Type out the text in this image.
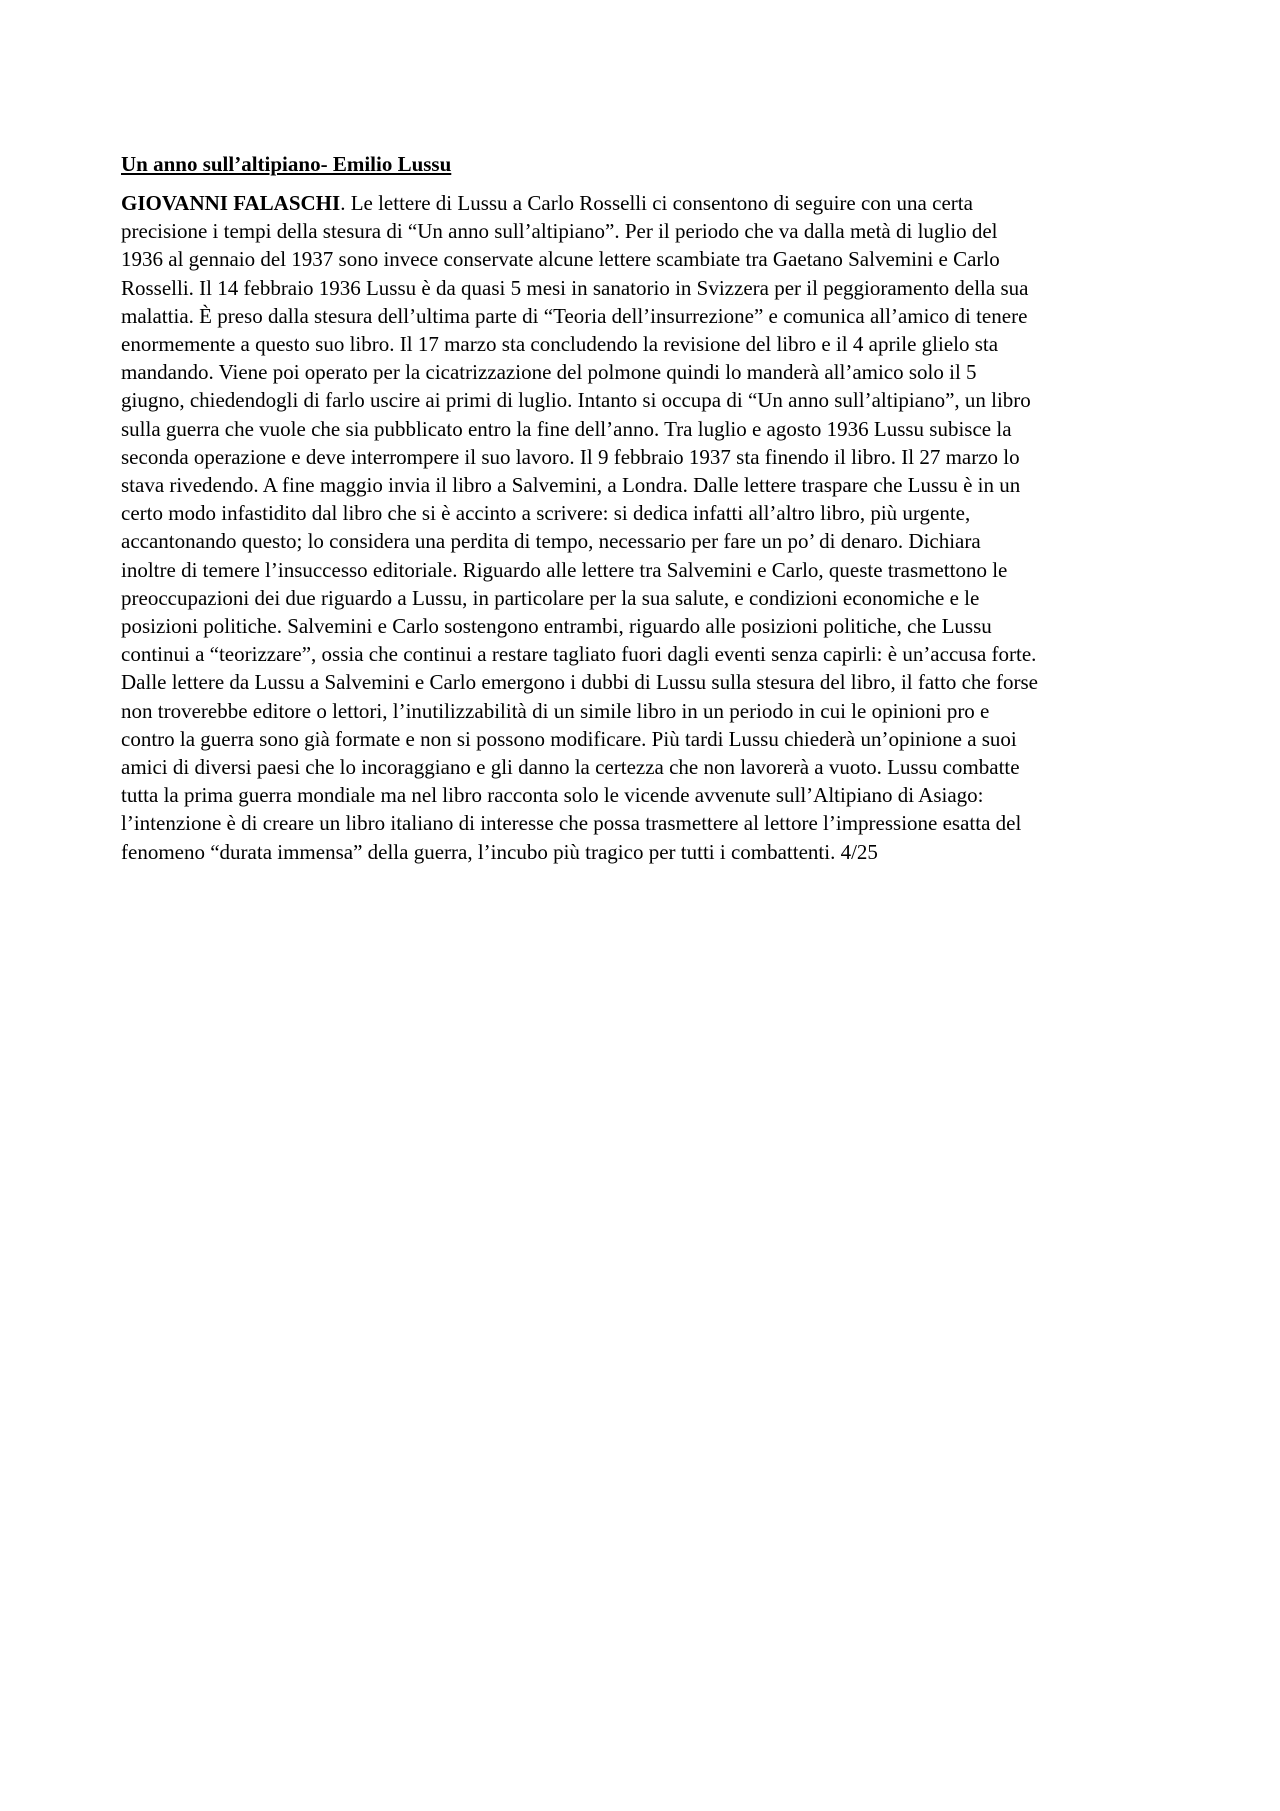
Un anno sull’altipiano- Emilio Lussu
GIOVANNI FALASCHI. Le lettere di Lussu a Carlo Rosselli ci consentono di seguire con una certa
precisione i tempi della stesura di “Un anno sull’altipiano”. Per il periodo che va dalla metà di luglio del
1936 al gennaio del 1937 sono invece conservate alcune lettere scambiate tra Gaetano Salvemini e Carlo
Rosselli. Il 14 febbraio 1936 Lussu è da quasi 5 mesi in sanatorio in Svizzera per il peggioramento della sua
malattia. È preso dalla stesura dell’ultima parte di “Teoria dell’insurrezione” e comunica all’amico di tenere
enormemente a questo suo libro. Il 17 marzo sta concludendo la revisione del libro e il 4 aprile glielo sta
mandando. Viene poi operato per la cicatrizzazione del polmone quindi lo manderà all’amico solo il 5
giugno, chiedendogli di farlo uscire ai primi di luglio. Intanto si occupa di “Un anno sull’altipiano”, un libro
sulla guerra che vuole che sia pubblicato entro la fine dell’anno. Tra luglio e agosto 1936 Lussu subisce la
seconda operazione e deve interrompere il suo lavoro. Il 9 febbraio 1937 sta finendo il libro. Il 27 marzo lo
stava rivedendo. A fine maggio invia il libro a Salvemini, a Londra. Dalle lettere traspare che Lussu è in un
certo modo infastidito dal libro che si è accinto a scrivere: si dedica infatti all’altro libro, più urgente,
accantonando questo; lo considera una perdita di tempo, necessario per fare un po’ di denaro. Dichiara
inoltre di temere l’insuccesso editoriale. Riguardo alle lettere tra Salvemini e Carlo, queste trasmettono le
preoccupazioni dei due riguardo a Lussu, in particolare per la sua salute, e condizioni economiche e le
posizioni politiche. Salvemini e Carlo sostengono entrambi, riguardo alle posizioni politiche, che Lussu
continui a “teorizzare”, ossia che continui a restare tagliato fuori dagli eventi senza capirli: è un’accusa forte.
Dalle lettere da Lussu a Salvemini e Carlo emergono i dubbi di Lussu sulla stesura del libro, il fatto che forse
non troverebbe editore o lettori, l’inutilizzabilità di un simile libro in un periodo in cui le opinioni pro e
contro la guerra sono già formate e non si possono modificare. Più tardi Lussu chiederà un’opinione a suoi
amici di diversi paesi che lo incoraggiano e gli danno la certezza che non lavorerà a vuoto. Lussu combatte
tutta la prima guerra mondiale ma nel libro racconta solo le vicende avvenute sull’Altipiano di Asiago:
l’intenzione è di creare un libro italiano di interesse che possa trasmettere al lettore l’impressione esatta del
fenomeno “durata immensa” della guerra, l’incubo più tragico per tutti i combattenti. 4/25
